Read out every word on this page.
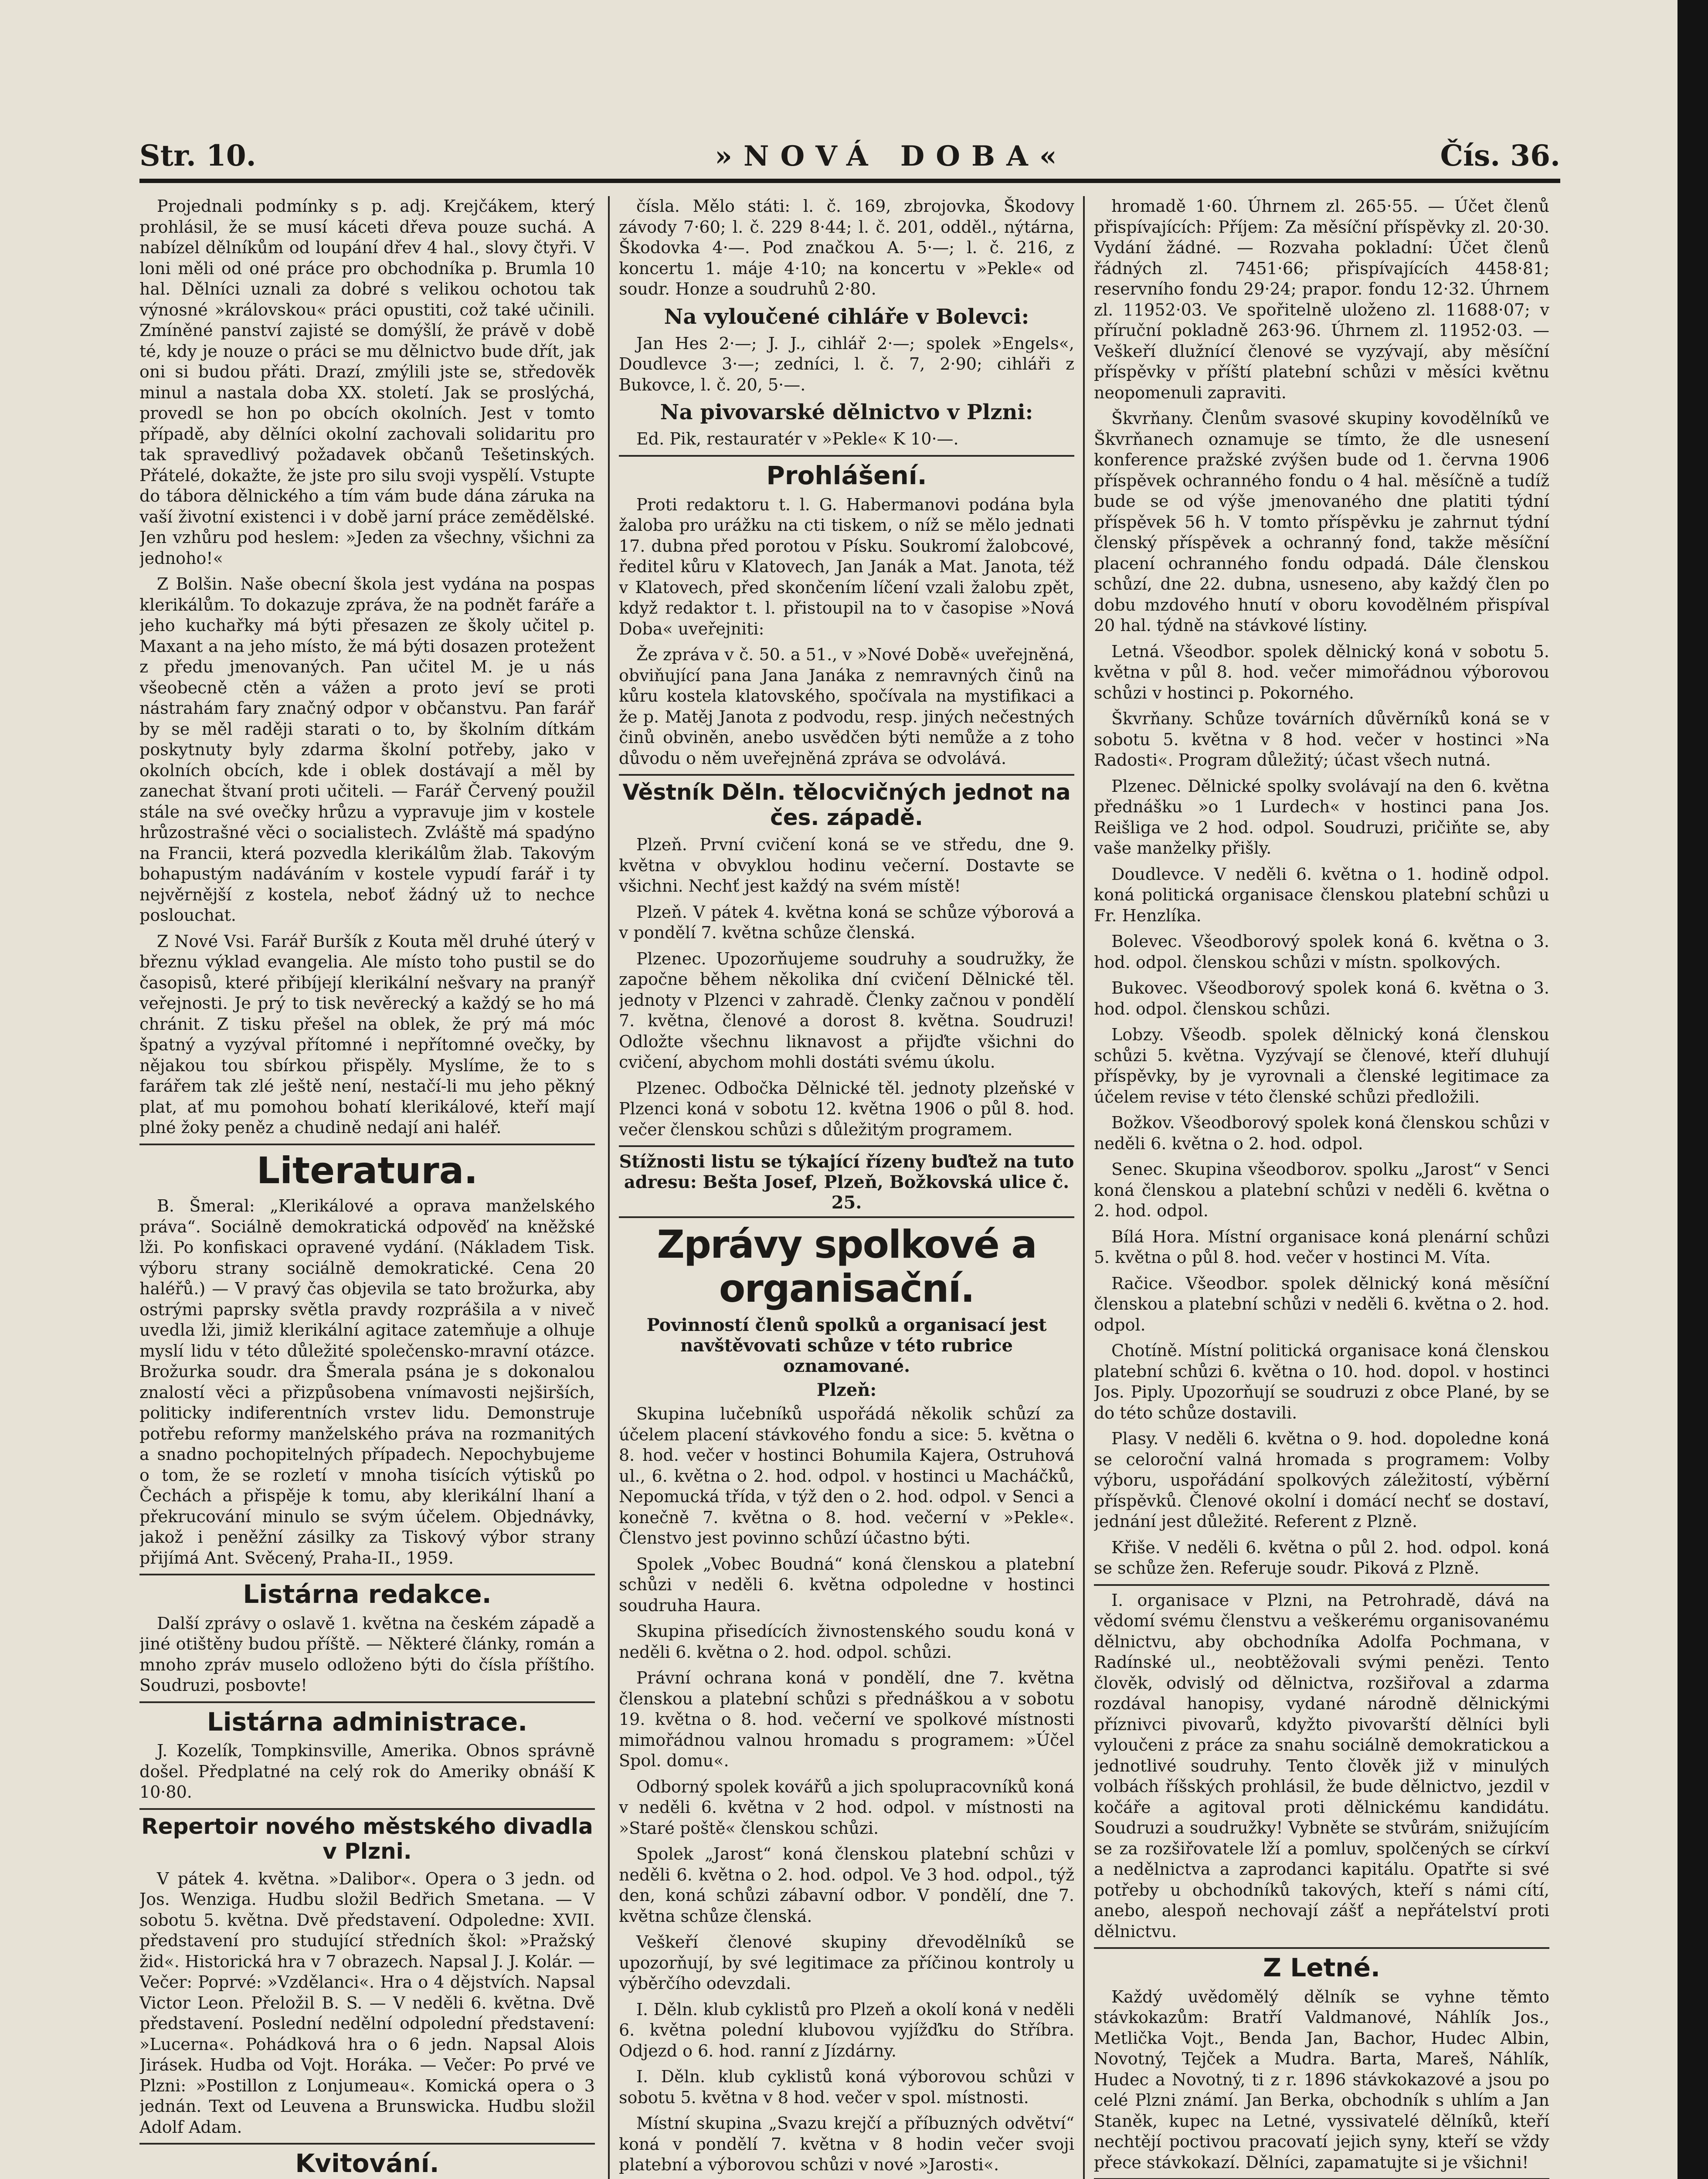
Str. 10.	»NOVÁ DOBA«	Čís. 36.

Projednali podmínky s p. adj. Krejčákem, který prohlásil, že se musí káceti dřeva pouze suchá. A nabízel dělníkům od loupání dřev 4 hal., slovy čtyři. V loni měli od oné práce pro obchodníka p. Brumla 10 hal. Dělníci uznali za dobré s velikou ochotou tak výnosné »královskou« práci opustiti, což také učinili. Zmíněné panství zajisté se domýšlí, že právě v době té, kdy je nouze o práci se mu dělnictvo bude dřít, jak oni si budou přáti. Drazí, zmýlili jste se, středověk minul a nastala doba XX. století. Jak se proslýchá, provedl se hon po obcích okolních. Jest v tomto případě, aby dělníci okolní zachovali solidaritu pro tak spravedlivý požadavek občanů Tešetinských. Přátelé, dokažte, že jste pro silu svoji vyspělí. Vstupte do tábora dělnického a tím vám bude dána záruka na vaší životní existenci i v době jarní práce zemědělské. Jen vzhůru pod heslem: »Jeden za všechny, všichni za jednoho!«

Z Bolšin. Naše obecní škola jest vydána na pospas klerikálům. To dokazuje zpráva, že na podnět faráře a jeho kuchařky má býti přesazen ze školy učitel p. Maxant a na jeho místo, že má býti dosazen protežent z předu jmenovaných. Pan učitel M. je u nás všeobecně ctěn a vážen a proto jeví se proti nástrahám fary značný odpor v občanstvu. Pan farář by se měl raději starati o to, by školním dítkám poskytnuty byly zdarma školní potřeby, jako v okolních obcích, kde i oblek dostávají a měl by zanechat štvaní proti učiteli. — Farář Červený použil stále na své ovečky hrůzu a vypravuje jim v kostele hrůzostrašné věci o socialistech. Zvláště má spadýno na Francii, která pozvedla klerikálům žlab. Takovým bohapustým nadáváním v kostele vypudí farář i ty nejvěrnější z kostela, neboť žádný už to nechce poslouchat.

Z Nové Vsi. Farář Buršík z Kouta měl druhé úterý v březnu výklad evangelia. Ale místo toho pustil se do časopisů, které přibíjejí klerikální nešvary na pranýř veřejnosti. Je prý to tisk nevěrecký a každý se ho má chránit. Z tisku přešel na oblek, že prý má móc špatný a vyzýval přítomné i nepřítomné ovečky, by nějakou tou sbírkou přispěly. Myslíme, že to s farářem tak zlé ještě není, nestačí-li mu jeho pěkný plat, ať mu pomohou bohatí klerikálové, kteří mají plné žoky peněz a chudině nedají ani haléř.

Literatura.

B. Šmeral: „Klerikálové a oprava manželského práva“. Sociálně demokratická odpověď na kněžské lži. Po konfiskaci opravené vydání. (Nákladem Tisk. výboru strany sociálně demokratické. Cena 20 haléřů.) — V pravý čas objevila se tato brožurka, aby ostrými paprsky světla pravdy rozprášila a v niveč uvedla lži, jimiž klerikální agitace zatemňuje a olhuje myslí lidu v této důležité společensko-mravní otázce. Brožurka soudr. dra Šmerala psána je s dokonalou znalostí věci a přizpůsobena vnímavosti nejširších, politicky indiferentních vrstev lidu. Demonstruje potřebu reformy manželského práva na rozmanitých a snadno pochopitelných případech. Nepochybujeme o tom, že se rozletí v mnoha tisících výtisků po Čechách a přispěje k tomu, aby klerikální lhaní a překrucování minulo se svým účelem. Objednávky, jakož i peněžní zásilky za Tiskový výbor strany přijímá Ant. Svěcený, Praha-II., 1959.

Listárna redakce.

Další zprávy o oslavě 1. května na českém západě a jiné otištěny budou příště. — Některé články, román a mnoho zpráv muselo odloženo býti do čísla příštího. Soudruzi, posbovte!

Listárna administrace.

J. Kozelík, Tompkinsville, Amerika. Obnos správně došel. Předplatné na celý rok do Ameriky obnáší K 10·80.

Repertoir nového městského divadla v Plzni.

V pátek 4. května. »Dalibor«. Opera o 3 jedn. od Jos. Wenziga. Hudbu složil Bedřich Smetana. — V sobotu 5. května. Dvě představení. Odpoledne: XVII. představení pro studující středních škol: »Pražský žid«. Historická hra v 7 obrazech. Napsal J. J. Kolár. — Večer: Poprvé: »Vzdělanci«. Hra o 4 dějstvích. Napsal Victor Leon. Přeložil B. S. — V neděli 6. května. Dvě představení. Poslední nedělní odpolední představení: »Lucerna«. Pohádková hra o 6 jedn. Napsal Alois Jirásek. Hudba od Vojt. Horáka. — Večer: Po prvé ve Plzni: »Postillon z Lonjumeau«. Komická opera o 3 jednán. Text od Leuvena a Brunswicka. Hudbu složil Adolf Adam.

Kvitování.

čísla. Mělo státi: l. č. 169, zbrojovka, Škodovy závody 7·60; l. č. 229 8·44; l. č. 201, odděl., nýtárna, Škodovka 4·—. Pod značkou A. 5·—; l. č. 216, z koncertu 1. máje 4·10; na koncertu v »Pekle« od soudr. Honze a soudruhů 2·80.

Na vyloučené cihláře v Bolevci:

Jan Hes 2·—; J. J., cihlář 2·—; spolek »Engels«, Doudlevce 3·—; zedníci, l. č. 7, 2·90; cihláři z Bukovce, l. č. 20, 5·—.

Na pivovarské dělnictvo v Plzni:

Ed. Pik, restauratér v »Pekle« K 10·—.

Prohlášení.

Proti redaktoru t. l. G. Habermanovi podána byla žaloba pro urážku na cti tiskem, o níž se mělo jednati 17. dubna před porotou v Písku. Soukromí žalobcové, ředitel kůru v Klatovech, Jan Janák a Mat. Janota, též v Klatovech, před skončením líčení vzali žalobu zpět, když redaktor t. l. přistoupil na to v časopise »Nová Doba« uveřejniti:

Že zpráva v č. 50. a 51., v »Nové Době« uveřejněná, obviňující pana Jana Janáka z nemravných činů na kůru kostela klatovského, spočívala na mystifikaci a že p. Matěj Janota z podvodu, resp. jiných nečestných činů obviněn, anebo usvědčen býti nemůže a z toho důvodu o něm uveřejněná zpráva se odvolává.

Věstník Děln. tělocvičných jednot na čes. západě.

Plzeň. První cvičení koná se ve středu, dne 9. května v obvyklou hodinu večerní. Dostavte se všichni. Nechť jest každý na svém místě!

Plzeň. V pátek 4. května koná se schůze výborová a v pondělí 7. května schůze členská.

Plzenec. Upozorňujeme soudruhy a soudružky, že započne během několika dní cvičení Dělnické těl. jednoty v Plzenci v zahradě. Členky začnou v pondělí 7. května, členové a dorost 8. května. Soudruzi! Odložte všechnu liknavost a přijďte všichni do cvičení, abychom mohli dostáti svému úkolu.

Plzenec. Odbočka Dělnické těl. jednoty plzeňské v Plzenci koná v sobotu 12. května 1906 o půl 8. hod. večer členskou schůzi s důležitým programem.

Stížnosti listu se týkající řízeny buďtež na tuto adresu: Bešta Josef, Plzeň, Božkovská ulice č. 25.
Zprávy spolkové a organisační.
Povinností členů spolků a organisací jest navštěvovati schůze v této rubrice oznamované.
Plzeň:

Skupina lučebníků uspořádá několik schůzí za účelem placení stávkového fondu a sice: 5. května o 8. hod. večer v hostinci Bohumila Kajera, Ostruhová ul., 6. května o 2. hod. odpol. v hostinci u Macháčků, Nepomucká třída, v týž den o 2. hod. odpol. v Senci a konečně 7. května o 8. hod. večerní v »Pekle«. Členstvo jest povinno schůzí účastno býti.

Spolek „Vobec Boudná“ koná členskou a platební schůzi v neděli 6. května odpoledne v hostinci soudruha Haura.

Skupina přisedících živnostenského soudu koná v neděli 6. května o 2. hod. odpol. schůzi.

Právní ochrana koná v pondělí, dne 7. května členskou a platební schůzi s přednáškou a v sobotu 19. května o 8. hod. večerní ve spolkové místnosti mimořádnou valnou hromadu s programem: »Účel Spol. domu«.

Odborný spolek kovářů a jich spolupracovníků koná v neděli 6. května v 2 hod. odpol. v místnosti na »Staré poště« členskou schůzi.

Spolek „Jarost“ koná členskou platební schůzi v neděli 6. května o 2. hod. odpol. Ve 3 hod. odpol., týž den, koná schůzi zábavní odbor. V pondělí, dne 7. května schůze členská.

Veškeří členové skupiny dřevodělníků se upozorňují, by své legitimace za příčinou kontroly u výběrčího odevzdali.

I. Děln. klub cyklistů pro Plzeň a okolí koná v neděli 6. května polední klubovou vyjížďku do Stříbra. Odjezd o 6. hod. ranní z Jízdárny.

I. Děln. klub cyklistů koná výborovou schůzi v sobotu 5. května v 8 hod. večer v spol. místnosti.

Místní skupina „Svazu krejčí a příbuzných odvětví“ koná v pondělí 7. května v 8 hodin večer svoji platební a výborovou schůzi v nové »Jarosti«.

hromadě 1·60. Úhrnem zl. 265·55. — Účet členů přispívajících: Příjem: Za měsíční příspěvky zl. 20·30. Vydání žádné. — Rozvaha pokladní: Účet členů řádných zl. 7451·66; přispívajících 4458·81; reservního fondu 29·24; prapor. fondu 12·32. Úhrnem zl. 11952·03. Ve spořitelně uloženo zl. 11688·07; v příruční pokladně 263·96. Úhrnem zl. 11952·03. — Veškeří dlužnící členové se vyzývají, aby měsíční příspěvky v příští platební schůzi v měsíci květnu neopomenuli zapraviti.

Škvrňany. Členům svasové skupiny kovodělníků ve Škvrňanech oznamuje se tímto, že dle usnesení konference pražské zvýšen bude od 1. června 1906 příspěvek ochranného fondu o 4 hal. měsíčně a tudíž bude se od výše jmenovaného dne platiti týdní příspěvek 56 h. V tomto příspěvku je zahrnut týdní členský příspěvek a ochranný fond, takže měsíční placení ochranného fondu odpadá. Dále členskou schůzí, dne 22. dubna, usneseno, aby každý člen po dobu mzdového hnutí v oboru kovodělném přispíval 20 hal. týdně na stávkové lístiny.

Letná. Všeodbor. spolek dělnický koná v sobotu 5. května v půl 8. hod. večer mimořádnou výborovou schůzi v hostinci p. Pokorného.

Škvrňany. Schůze továrních důvěrníků koná se v sobotu 5. května v 8 hod. večer v hostinci »Na Radosti«. Program důležitý; účast všech nutná.

Plzenec. Dělnické spolky svolávají na den 6. května přednášku »o 1 Lurdech« v hostinci pana Jos. Reišliga ve 2 hod. odpol. Soudruzi, pričiňte se, aby vaše manželky přišly.

Doudlevce. V neděli 6. května o 1. hodině odpol. koná politická organisace členskou platební schůzi u Fr. Henzlíka.

Bolevec. Všeodborový spolek koná 6. května o 3. hod. odpol. členskou schůzi v místn. spolkových.

Bukovec. Všeodborový spolek koná 6. května o 3. hod. odpol. členskou schůzi.

Lobzy. Všeodb. spolek dělnický koná členskou schůzi 5. května. Vyzývají se členové, kteří dluhují příspěvky, by je vyrovnali a členské legitimace za účelem revise v této členské schůzi předložili.

Božkov. Všeodborový spolek koná členskou schůzi v neděli 6. května o 2. hod. odpol.

Senec. Skupina všeodborov. spolku „Jarost“ v Senci koná členskou a platební schůzi v neděli 6. května o 2. hod. odpol.

Bílá Hora. Místní organisace koná plenární schůzi 5. května o půl 8. hod. večer v hostinci M. Víta.

Račice. Všeodbor. spolek dělnický koná měsíční členskou a platební schůzi v neděli 6. května o 2. hod. odpol.

Chotíně. Místní politická organisace koná členskou platební schůzi 6. května o 10. hod. dopol. v hostinci Jos. Piply. Upozorňují se soudruzi z obce Plané, by se do této schůze dostavili.

Plasy. V neděli 6. května o 9. hod. dopoledne koná se celoroční valná hromada s programem: Volby výboru, uspořádání spolkových záležitostí, výběrní příspěvků. Členové okolní i domácí nechť se dostaví, jednání jest důležité. Referent z Plzně.

Křiše. V neděli 6. května o půl 2. hod. odpol. koná se schůze žen. Referuje soudr. Piková z Plzně.

I. organisace v Plzni, na Petrohradě, dává na vědomí svému členstvu a veškerému organisovanému dělnictvu, aby obchodníka Adolfa Pochmana, v Radínské ul., neobtěžovali svými penězi. Tento člověk, odvislý od dělnictva, rozšiřoval a zdarma rozdával hanopisy, vydané národně dělnickými příznivci pivovarů, kdyžto pivovarští dělníci byli vyloučeni z práce za snahu sociálně demokratickou a jednotlivé soudruhy. Tento člověk již v minulých volbách říšských prohlásil, že bude dělnictvo, jezdil v kočáře a agitoval proti dělnickému kandidátu. Soudruzi a soudružky! Vybněte se stvůrám, snižujícím se za rozšiřovatele lží a pomluv, spolčených se církví a nedělnictva a zaprodanci kapitálu. Opatřte si své potřeby u obchodníků takových, kteří s námi cítí, anebo, alespoň nechovají zášť a nepřátelství proti dělnictvu.

Z Letné.

Každý uvědomělý dělník se vyhne těmto stávkokazům: Bratří Valdmanové, Náhlík Jos., Metlička Vojt., Benda Jan, Bachor, Hudec Albin, Novotný, Tejček a Mudra. Barta, Mareš, Náhlík, Hudec a Novotný, ti z r. 1896 stávkokazové a jsou po celé Plzni známí. Jan Berka, obchodník s uhlím a Jan Staněk, kupec na Letné, vyssivatelé dělníků, kteří nechtějí poctivou pracovatí jejich syny, kteří se vždy přece stávkokazí. Dělníci, zapamatujte si je všichni!
